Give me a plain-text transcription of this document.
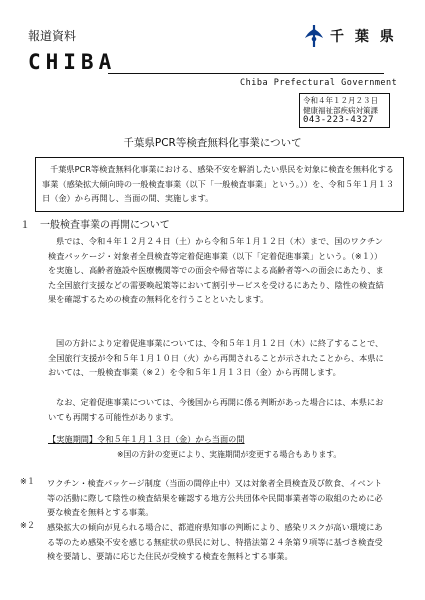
報道資料
CHIBA
千 葉 県
Chiba Prefectural Government
令和４年１２月２３日
健康福祉部疾病対策課
043-223-4327
千葉県PCR等検査無料化事業について

千葉県PCR等検査無料化事業における、感染不安を解消したい県民を対象に検査を無料化する事業（感染拡大傾向時の一般検査事業（以下「一般検査事業」という。））を、令和５年１月１３日（金）から再開し、当面の間、実施します。

１　一般検査事業の再開について

県では、令和４年１２月２４日（土）から令和５年１月１２日（木）まで、国のワクチン検査パッケージ・対象者全員検査等定着促進事業（以下「定着促進事業」という。（※１））を実施し、高齢者施設や医療機関等での面会や帰省等による高齢者等への面会にあたり、また全国旅行支援などの需要喚起策等において割引サービスを受けるにあたり、陰性の検査結果を確認するための検査の無料化を行うことといたします。

国の方針により定着促進事業については、令和５年１月１２日（木）に終了することで、全国旅行支援が令和５年１月１０日（火）から再開されることが示されたことから、本県においては、一般検査事業（※２）を令和５年１月１３日（金）から再開します。

なお、定着促進事業については、今後国から再開に係る判断があった場合には、本県においても再開する可能性があります。

【実施期間】令和５年１月１３日（金）から当面の間
※国の方針の変更により、実施期間が変更する場合もあります。
※１ ワクチン・検査パッケージ制度（当面の間停止中）又は対象者全員検査及び飲食、イベント等の活動に際して陰性の検査結果を確認する地方公共団体や民間事業者等の取組のために必要な検査を無料とする事業。

※２ 感染拡大の傾向が見られる場合に、都道府県知事の判断により、感染リスクが高い環境にある等のため感染不安を感じる無症状の県民に対し、特措法第２４条第９項等に基づき検査受検を要請し、要請に応じた住民が受検する検査を無料とする事業。
